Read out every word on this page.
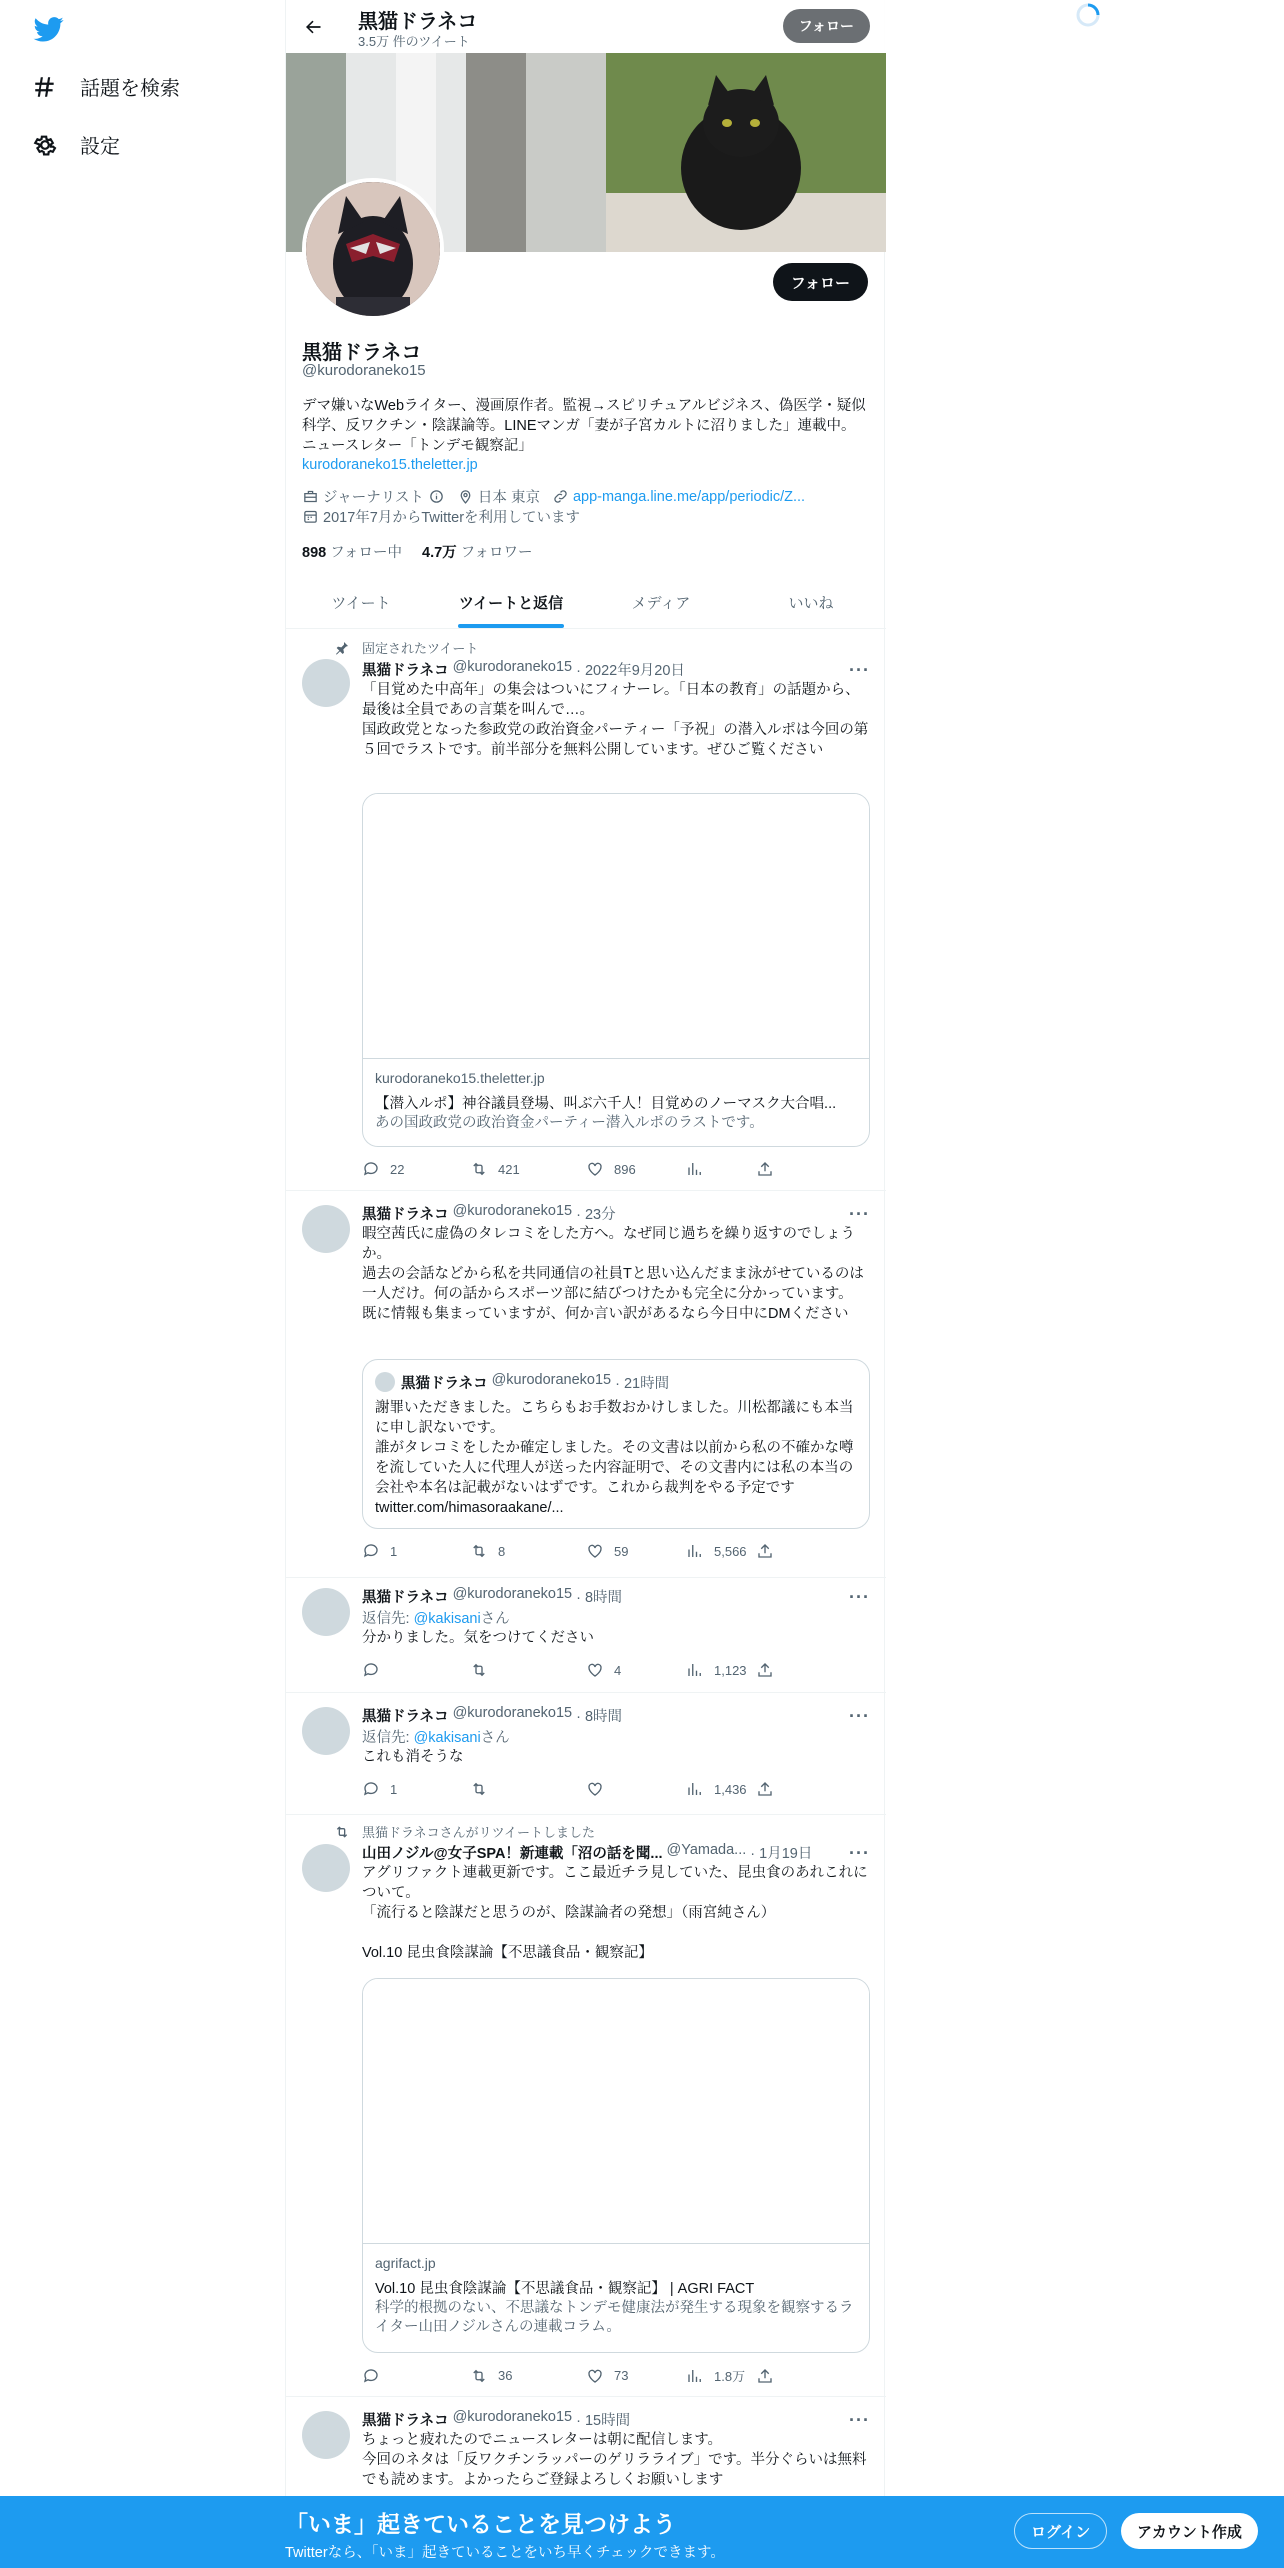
話題を検索
設定
黒猫ドラネコ
3.5万 件のツイート
フォロー
フォロー
黒猫ドラネコ
@kurodoraneko15
デマ嫌いなWebライター、漫画原作者。監視→スピリチュアルビジネス、偽医学・疑似科学、反ワクチン・陰謀論等。LINEマンガ「妻が子宮カルトに沼りました」連載中。ニュースレター「トンデモ観察記」
kurodoraneko15.theletter.jp
ジャーナリスト	日本 東京 app-manga.line.me/app/periodic/Z...
2017年7月からTwitterを利用しています
898 フォロー中 4.7万 フォロワー
ツイート	ツイートと返信	メディア	いいね
固定されたツイート
黒猫ドラネコ @kurodoraneko15 · 2022年9月20日	···
「目覚めた中高年」の集会はついにフィナーレ。「日本の教育」の話題から、最後は全員であの言葉を叫んで…。
国政政党となった参政党の政治資金パーティー「予祝」の潜入ルポは今回の第５回でラストです。前半部分を無料公開しています。ぜひご覧ください
kurodoraneko15.theletter.jp
【潜入ルポ】神谷議員登場、叫ぶ六千人！目覚めのノーマスク大合唱...
あの国政政党の政治資金パーティー潜入ルポのラストです。
22	421	896
黒猫ドラネコ @kurodoraneko15 · 23分	···
暇空茜氏に虚偽のタレコミをした方へ。なぜ同じ過ちを繰り返すのでしょうか。
過去の会話などから私を共同通信の社員Tと思い込んだまま泳がせているのは一人だけ。何の話からスポーツ部に結びつけたかも完全に分かっています。
既に情報も集まっていますが、何か言い訳があるなら今日中にDMください
黒猫ドラネコ @kurodoraneko15 · 21時間
謝罪いただきました。こちらもお手数おかけしました。川松都議にも本当に申し訳ないです。
誰がタレコミをしたか確定しました。その文書は以前から私の不確かな噂を流していた人に代理人が送った内容証明で、その文書内には私の本当の会社や本名は記載がないはずです。これから裁判をやる予定です
twitter.com/himasoraakane/...
1	8	59	5,566
黒猫ドラネコ @kurodoraneko15 · 8時間	···
返信先: @kakisaniさん
分かりました。気をつけてください
4	1,123
黒猫ドラネコ @kurodoraneko15 · 8時間	···
返信先: @kakisaniさん
これも消そうな
1	1,436
黒猫ドラネコさんがリツイートしました
山田ノジル@女子SPA！新連載「沼の話を聞... @Yamada... · 1月19日 ···
アグリファクト連載更新です。ここ最近チラ見していた、昆虫食のあれこれについて。
「流行ると陰謀だと思うのが、陰謀論者の発想」（雨宮純さん）

Vol.10 昆虫食陰謀論【不思議食品・観察記】
agrifact.jp
Vol.10 昆虫食陰謀論【不思議食品・観察記】 | AGRI FACT
科学的根拠のない、不思議なトンデモ健康法が発生する現象を観察するライター山田ノジルさんの連載コラム。
36	73	1.8万
黒猫ドラネコ @kurodoraneko15 · 15時間	···
ちょっと疲れたのでニュースレターは朝に配信します。
今回のネタは「反ワクチンラッパーのゲリラライブ」です。半分ぐらいは無料でも読めます。よかったらご登録よろしくお願いします
「いま」起きていることを見つけよう
Twitterなら、「いま」起きていることをいち早くチェックできます。
ログイン	アカウント作成
